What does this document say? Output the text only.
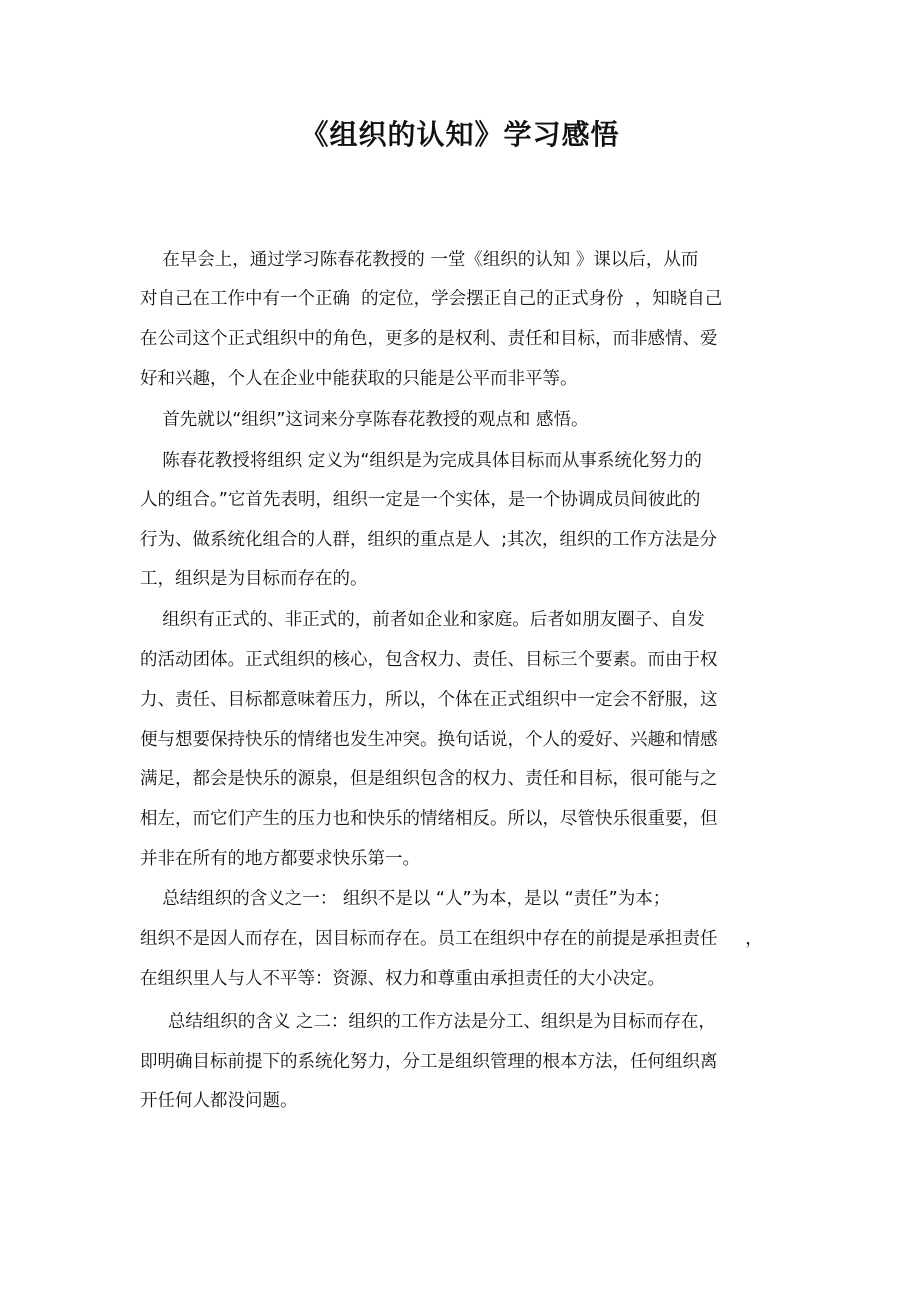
《组织的认知》学习感悟
在早会上，通过学习陈春花教授的 一堂《组织的认知 》课以后，从而
对自己在工作中有一个正确  的定位，学会摆正自己的正式身份  ，知晓自己
在公司这个正式组织中的角色，更多的是权利、责任和目标，而非感情、爱
好和兴趣，个人在企业中能获取的只能是公平而非平等。
首先就以“组织”这词来分享陈春花教授的观点和 感悟。
陈春花教授将组织 定义为“组织是为完成具体目标而从事系统化努力的
人的组合。”它首先表明，组织一定是一个实体，是一个协调成员间彼此的
行为、做系统化组合的人群，组织的重点是人  ;其次，组织的工作方法是分
工，组织是为目标而存在的。
组织有正式的、非正式的，前者如企业和家庭。后者如朋友圈子、自发
的活动团体。正式组织的核心，包含权力、责任、目标三个要素。而由于权
力、责任、目标都意味着压力，所以，个体在正式组织中一定会不舒服，这
便与想要保持快乐的情绪也发生冲突。换句话说，个人的爱好、兴趣和情感
满足，都会是快乐的源泉，但是组织包含的权力、责任和目标，很可能与之
相左，而它们产生的压力也和快乐的情绪相反。所以，尽管快乐很重要，但
并非在所有的地方都要求快乐第一。
总结组织的含义之一： 组织不是以 “人”为本，是以 “责任”为本；
组织不是因人而存在，因目标而存在。员工在组织中存在的前提是承担责任     ，
在组织里人与人不平等：资源、权力和尊重由承担责任的大小决定。
总结组织的含义 之二：组织的工作方法是分工、组织是为目标而存在，
即明确目标前提下的系统化努力，分工是组织管理的根本方法，任何组织离
开任何人都没问题。
